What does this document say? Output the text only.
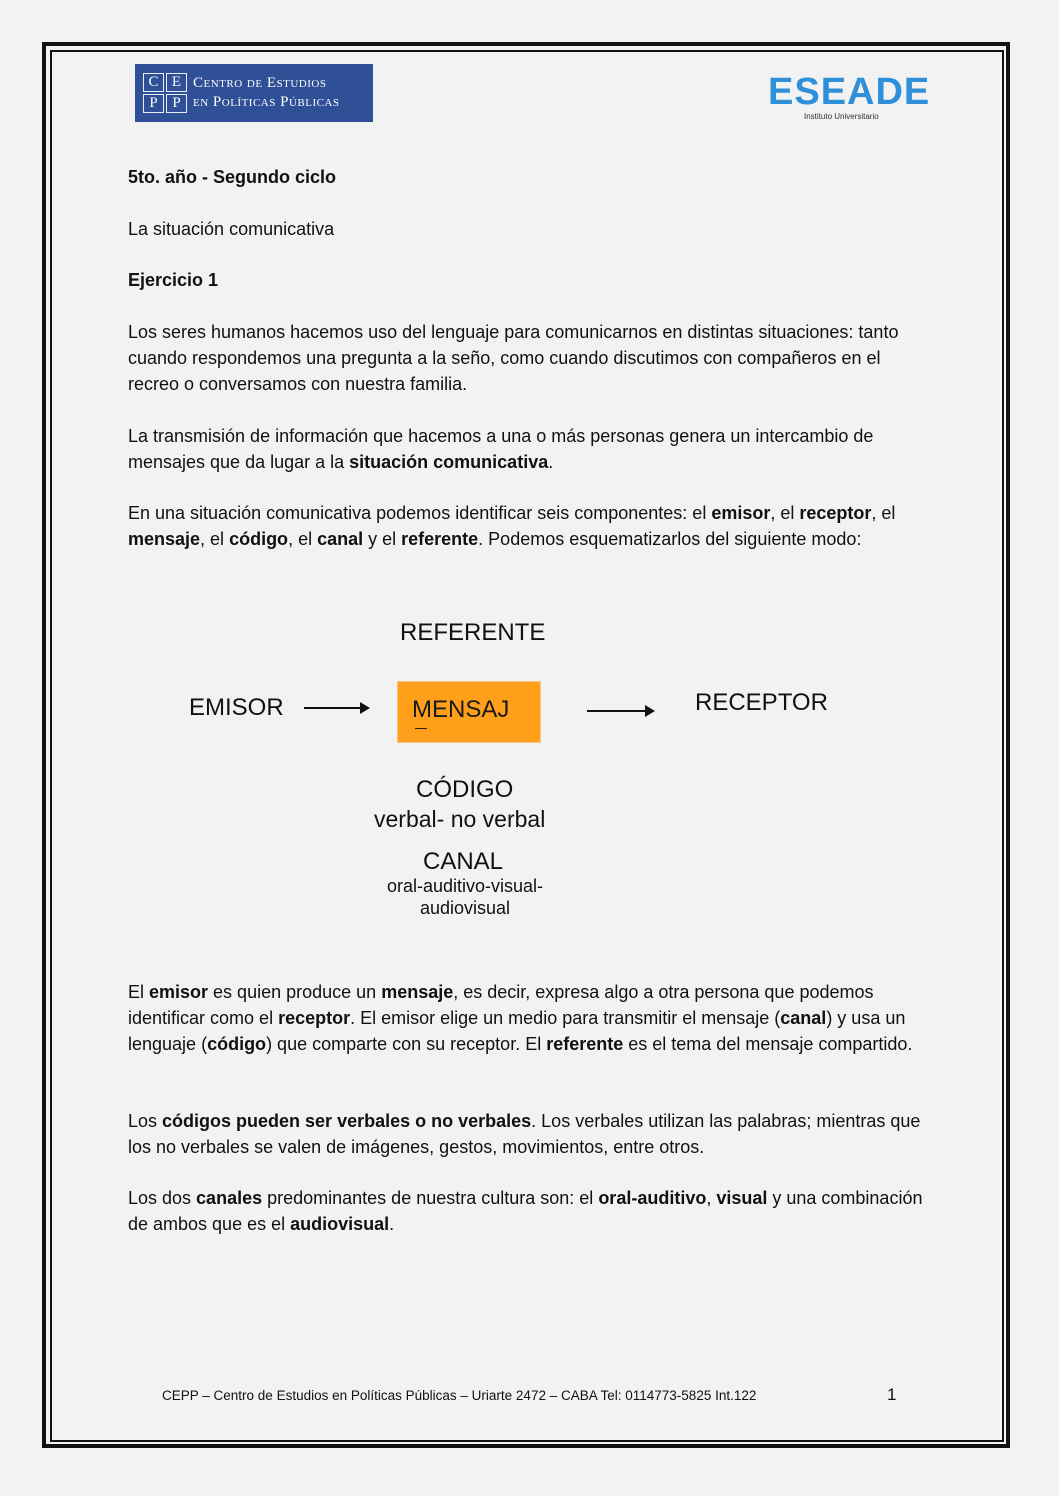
C E
P P
Centro de Estudios
en Políticas Públicas	ESEADE
Instituto Universitario

5to. año - Segundo ciclo

La situación comunicativa

Ejercicio 1

Los seres humanos hacemos uso del lenguaje para comunicarnos en distintas situaciones: tanto cuando respondemos una pregunta a la seño, como cuando discutimos con compañeros en el recreo o conversamos con nuestra familia.

La transmisión de información que hacemos a una o más personas genera un intercambio de mensajes que da lugar a la situación comunicativa.

En una situación comunicativa podemos identificar seis componentes: el emisor, el receptor, el mensaje, el código, el canal y el referente. Podemos esquematizarlos del siguiente modo:

REFERENTE
EMISOR	MENSAJ	RECEPTOR
CÓDIGO
verbal- no verbal
CANAL
oral-auditivo-visual-
audiovisual

El emisor es quien produce un mensaje, es decir, expresa algo a otra persona que podemos identificar como el receptor. El emisor elige un medio para transmitir el mensaje (canal) y usa un lenguaje (código) que comparte con su receptor. El referente es el tema del mensaje compartido.

Los códigos pueden ser verbales o no verbales. Los verbales utilizan las palabras; mientras que los no verbales se valen de imágenes, gestos, movimientos, entre otros.

Los dos canales predominantes de nuestra cultura son: el oral-auditivo, visual y una combinación de ambos que es el audiovisual.

CEPP – Centro de Estudios en Políticas Públicas – Uriarte 2472 – CABA Tel: 0114773-5825 Int.122	1
